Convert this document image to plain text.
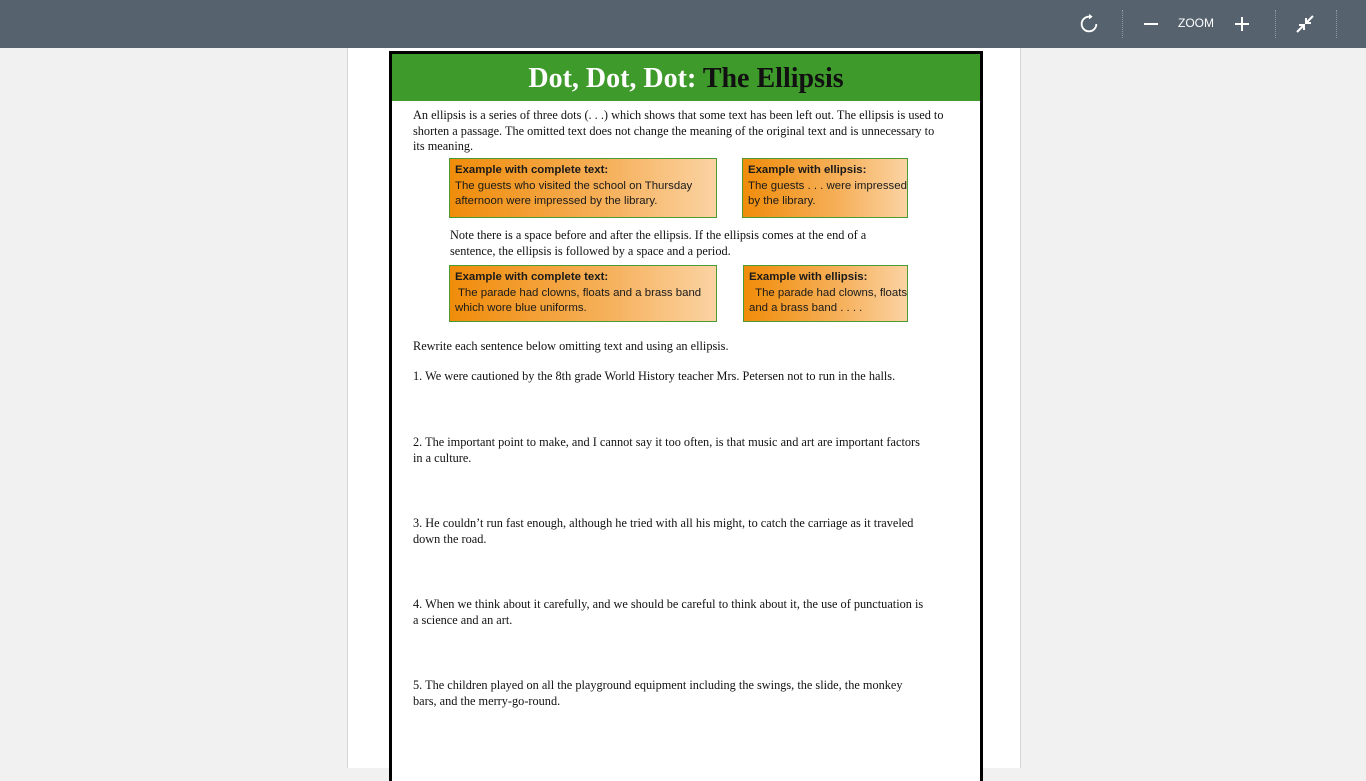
ZOOM
Dot, Dot, Dot: The Ellipsis
An ellipsis is a series of three dots (. . .) which shows that some text has been left out. The ellipsis is used to
shorten a passage. The omitted text does not change the meaning of the original text and is unnecessary to
its meaning.
Example with complete text:
The guests who visited the school on Thursday
afternoon were impressed by the library.
Example with ellipsis:
The guests . . . were impressed
by the library.
Note there is a space before and after the ellipsis. If the ellipsis comes at the end of a
sentence, the ellipsis is followed by a space and a period.
Example with complete text:
The parade had clowns, floats and a brass band
which wore blue uniforms.
Example with ellipsis:
The parade had clowns, floats
and a brass band . . . .
Rewrite each sentence below omitting text and using an ellipsis.
1. We were cautioned by the 8th grade World History teacher Mrs. Petersen not to run in the halls.
2. The important point to make, and I cannot say it too often, is that music and art are important factors
in a culture.
3. He couldn’t run fast enough, although he tried with all his might, to catch the carriage as it traveled
down the road.
4. When we think about it carefully, and we should be careful to think about it, the use of punctuation is
a science and an art.
5. The children played on all the playground equipment including the swings, the slide, the monkey
bars, and the merry-go-round.
